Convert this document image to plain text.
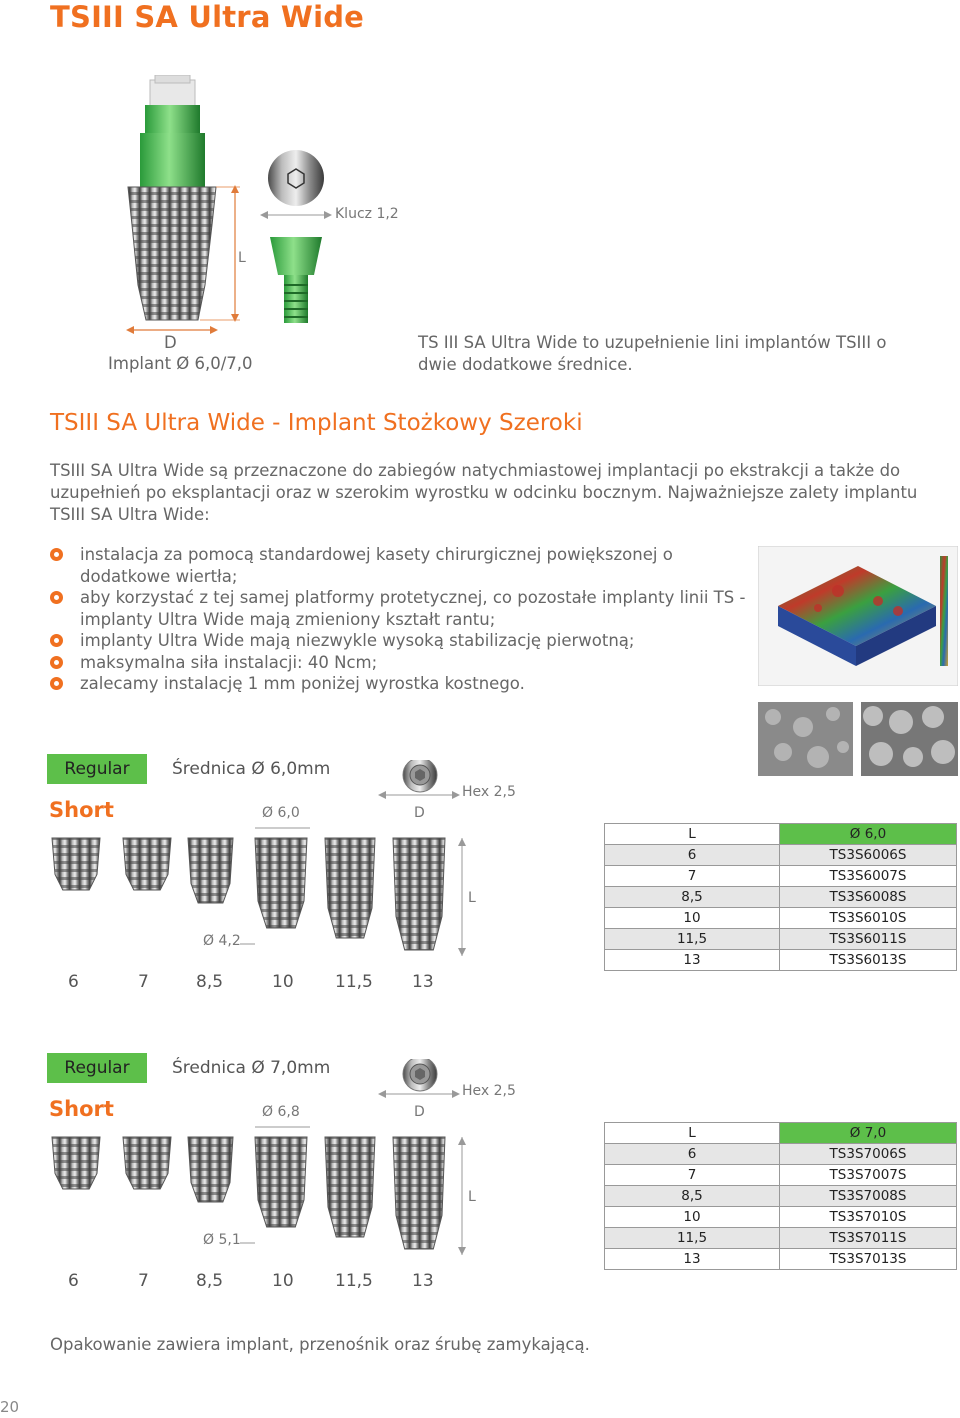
TSIII SA Ultra Wide
Klucz 1,2
L
D
Implant Ø 6,0/7,0
TS III SA Ultra Wide to uzupełnienie lini implantów TSIII o dwie dodatkowe średnice.
TSIII SA Ultra Wide - Implant Stożkowy Szeroki
TSIII SA Ultra Wide są przeznaczone do zabiegów natychmiastowej implantacji po ekstrakcji a także do uzupełnień po eksplantacji oraz w szerokim wyrostku w odcinku bocznym. Najważniejsze zalety implantu TSIII SA Ultra Wide:
instalacja za pomocą standardowej kasety chirurgicznej powiększonej o dodatkowe wiertła;
aby korzystać z tej samej platformy protetycznej, co pozostałe implanty linii TS - implanty Ultra Wide mają zmieniony kształt rantu;
implanty Ultra Wide mają niezwykle wysoką stabilizację pierwotną;
maksymalna siła instalacji: 40 Ncm;
zalecamy instalację 1 mm poniżej wyrostka kostnego.
Regular
Short
Średnica Ø 6,0mm
Ø 6,0
Ø 4,2
D
Hex 2,5
L
6	7	8,5	10 11,5 13
L	Ø 6,0
6	TS3S6006S
7	TS3S6007S
8,5	TS3S6008S
10	TS3S6010S
11,5	TS3S6011S
13	TS3S6013S
Regular
Short
Średnica Ø 7,0mm
Ø 6,8
Ø 5,1
D
Hex 2,5
L
6	7	8,5	10 11,5 13
L	Ø 7,0
6	TS3S7006S
7	TS3S7007S
8,5	TS3S7008S
10	TS3S7010S
11,5	TS3S7011S
13	TS3S7013S
Opakowanie zawiera implant, przenośnik oraz śrubę zamykającą.
20
